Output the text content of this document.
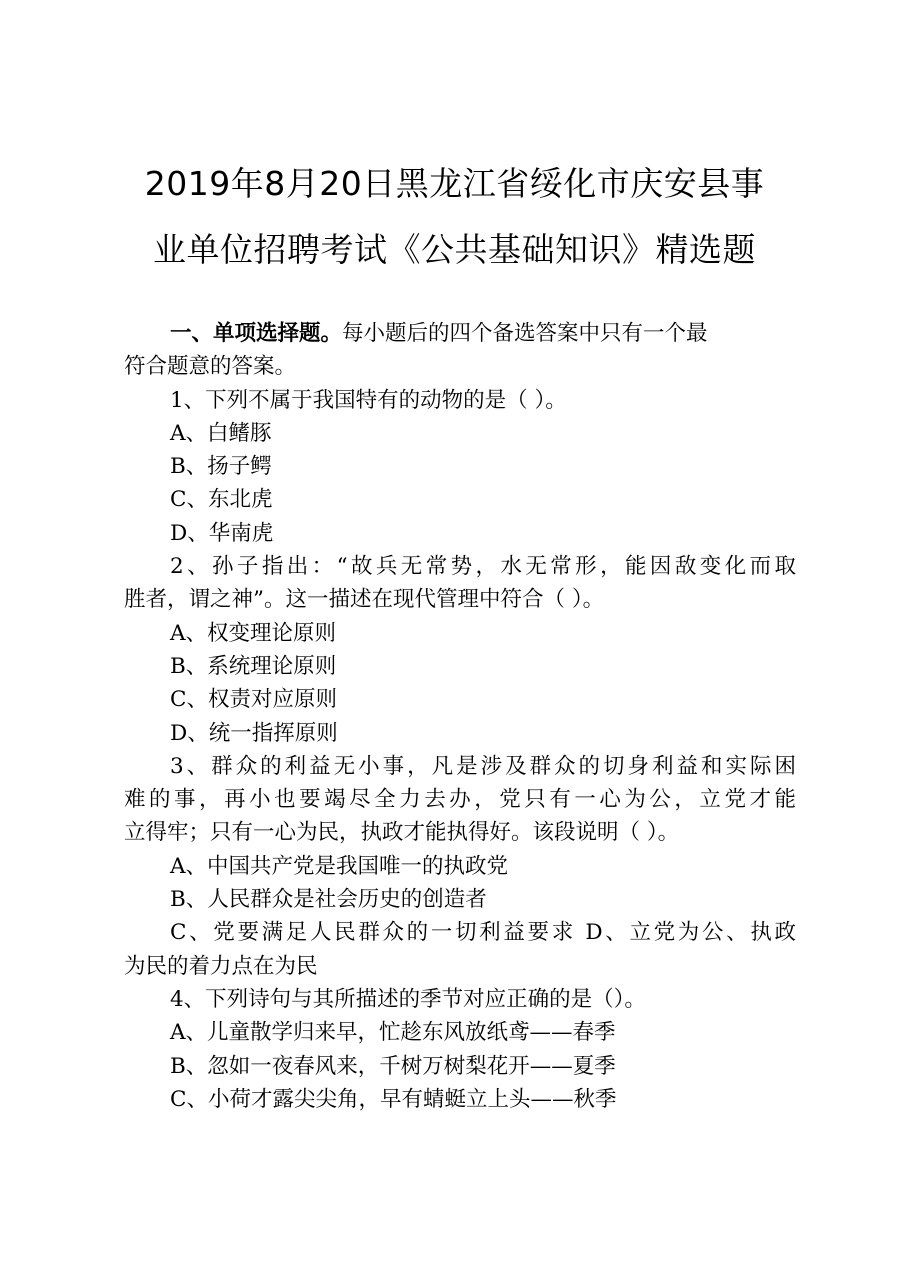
2019年8月20日黑龙江省绥化市庆安县事
业单位招聘考试《公共基础知识》精选题
一、单项选择题。每小题后的四个备选答案中只有一个最
符合题意的答案。
1、下列不属于我国特有的动物的是（ ）。
A、白鳍豚
B、扬子鳄
C、东北虎
D、华南虎
2、孙子指出：“故兵无常势，水无常形，能因敌变化而取
胜者，谓之神”。这一描述在现代管理中符合（ ）。
A、权变理论原则
B、系统理论原则
C、权责对应原则
D、统一指挥原则
3、群众的利益无小事，凡是涉及群众的切身利益和实际困
难的事，再小也要竭尽全力去办，党只有一心为公，立党才能
立得牢；只有一心为民，执政才能执得好。该段说明（ ）。
A、中国共产党是我国唯一的执政党
B、人民群众是社会历史的创造者
C、党要满足人民群众的一切利益要求 D、立党为公、执政
为民的着力点在为民
4、下列诗句与其所描述的季节对应正确的是（）。
A、儿童散学归来早，忙趁东风放纸鸢——春季
B、忽如一夜春风来，千树万树梨花开——夏季
C、小荷才露尖尖角，早有蜻蜓立上头——秋季
